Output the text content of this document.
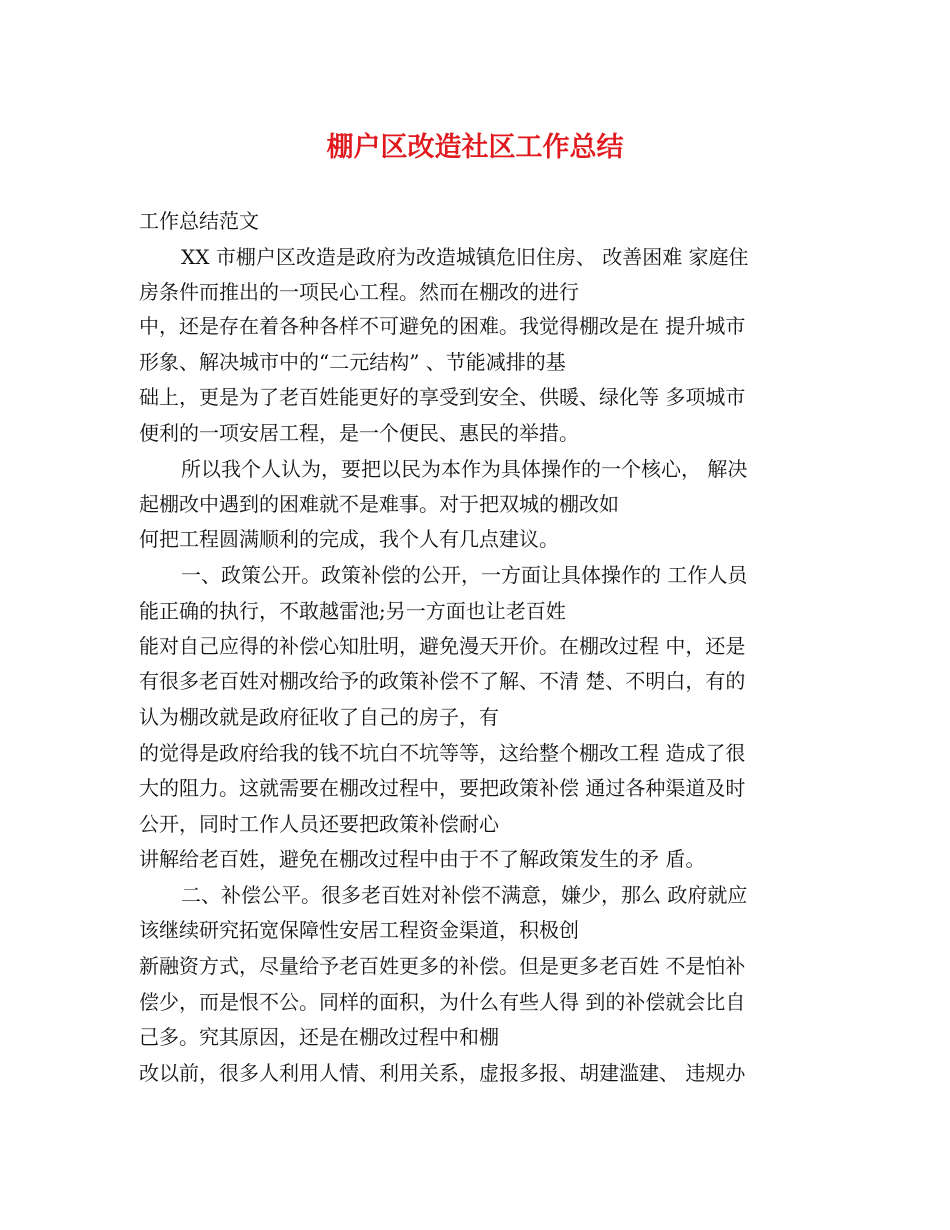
棚户区改造社区工作总结

工作总结范文

XX 市棚户区改造是政府为改造城镇危旧住房、 改善困难 家庭住

房条件而推出的一项民心工程。然而在棚改的进行

中，还是存在着各种各样不可避免的困难。我觉得棚改是在 提升城市

形象、解决城市中的“二元结构” 、节能减排的基

础上，更是为了老百姓能更好的享受到安全、供暖、绿化等 多项城市

便利的一项安居工程，是一个便民、惠民的举措。

所以我个人认为，要把以民为本作为具体操作的一个核心， 解决

起棚改中遇到的困难就不是难事。对于把双城的棚改如

何把工程圆满顺利的完成，我个人有几点建议。

一、政策公开。政策补偿的公开，一方面让具体操作的 工作人员

能正确的执行，不敢越雷池;另一方面也让老百姓

能对自己应得的补偿心知肚明，避免漫天开价。在棚改过程 中，还是

有很多老百姓对棚改给予的政策补偿不了解、不清 楚、不明白，有的

认为棚改就是政府征收了自己的房子，有

的觉得是政府给我的钱不坑白不坑等等，这给整个棚改工程 造成了很

大的阻力。这就需要在棚改过程中，要把政策补偿 通过各种渠道及时

公开，同时工作人员还要把政策补偿耐心

讲解给老百姓，避免在棚改过程中由于不了解政策发生的矛 盾。

二、补偿公平。很多老百姓对补偿不满意，嫌少，那么 政府就应

该继续研究拓宽保障性安居工程资金渠道，积极创

新融资方式，尽量给予老百姓更多的补偿。但是更多老百姓 不是怕补

偿少，而是恨不公。同样的面积，为什么有些人得 到的补偿就会比自

己多。究其原因，还是在棚改过程中和棚

改以前，很多人利用人情、利用关系，虚报多报、胡建滥建、 违规办
